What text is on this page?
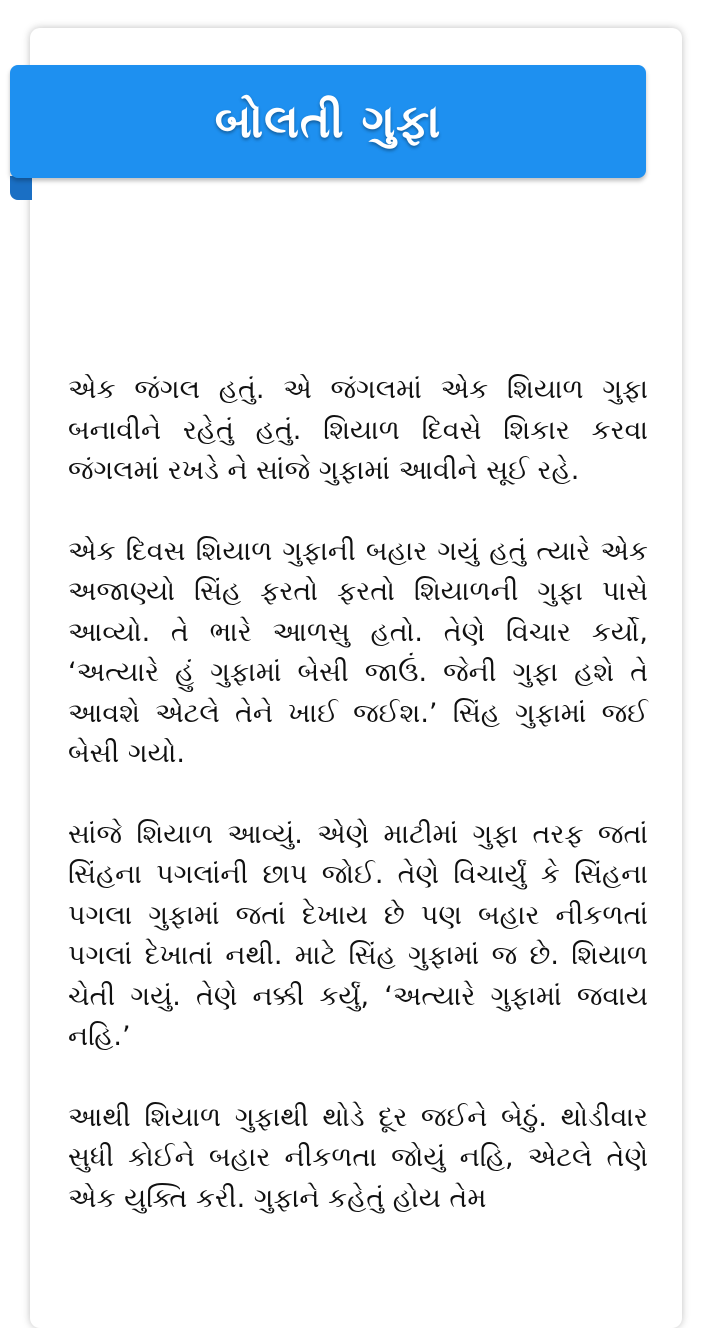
બોલતી ગુફા

એક જંગલ હતું. એ જંગલમાં એક શિયાળ ગુફા બનાવીને રહેતું હતું. શિયાળ દિવસે શિકાર કરવા જંગલમાં રખડે ને સાંજે ગુફામાં આવીને સૂઈ રહે.

એક દિવસ શિયાળ ગુફાની બહાર ગયું હતું ત્યારે એક અજાણ્યો સિંહ ફરતો ફરતો શિયાળની ગુફા પાસે આવ્યો. તે ભારે આળસુ હતો. તેણે વિચાર કર્યો, ‘અત્યારે હું ગુફામાં બેસી જાઉં. જેની ગુફા હશે તે આવશે એટલે તેને ખાઈ જઈશ.’ સિંહ ગુફામાં જઈ બેસી ગયો.

સાંજે શિયાળ આવ્યું. એણે માટીમાં ગુફા તરફ જતાં સિંહના પગલાંની છાપ જોઈ. તેણે વિચાર્યું કે સિંહના પગલા ગુફામાં જતાં દેખાય છે પણ બહાર નીકળતાં પગલાં દેખાતાં નથી. માટે સિંહ ગુફામાં જ છે. શિયાળ ચેતી ગયું. તેણે નક્કી કર્યું, ‘અત્યારે ગુફામાં જવાય નહિ.’

આથી શિયાળ ગુફાથી થોડે દૂર જઈને બેઠું. થોડીવાર સુધી કોઈને બહાર નીકળતા જોયું નહિ, એટલે તેણે એક યુક્તિ કરી. ગુફાને કહેતું હોય તેમ
